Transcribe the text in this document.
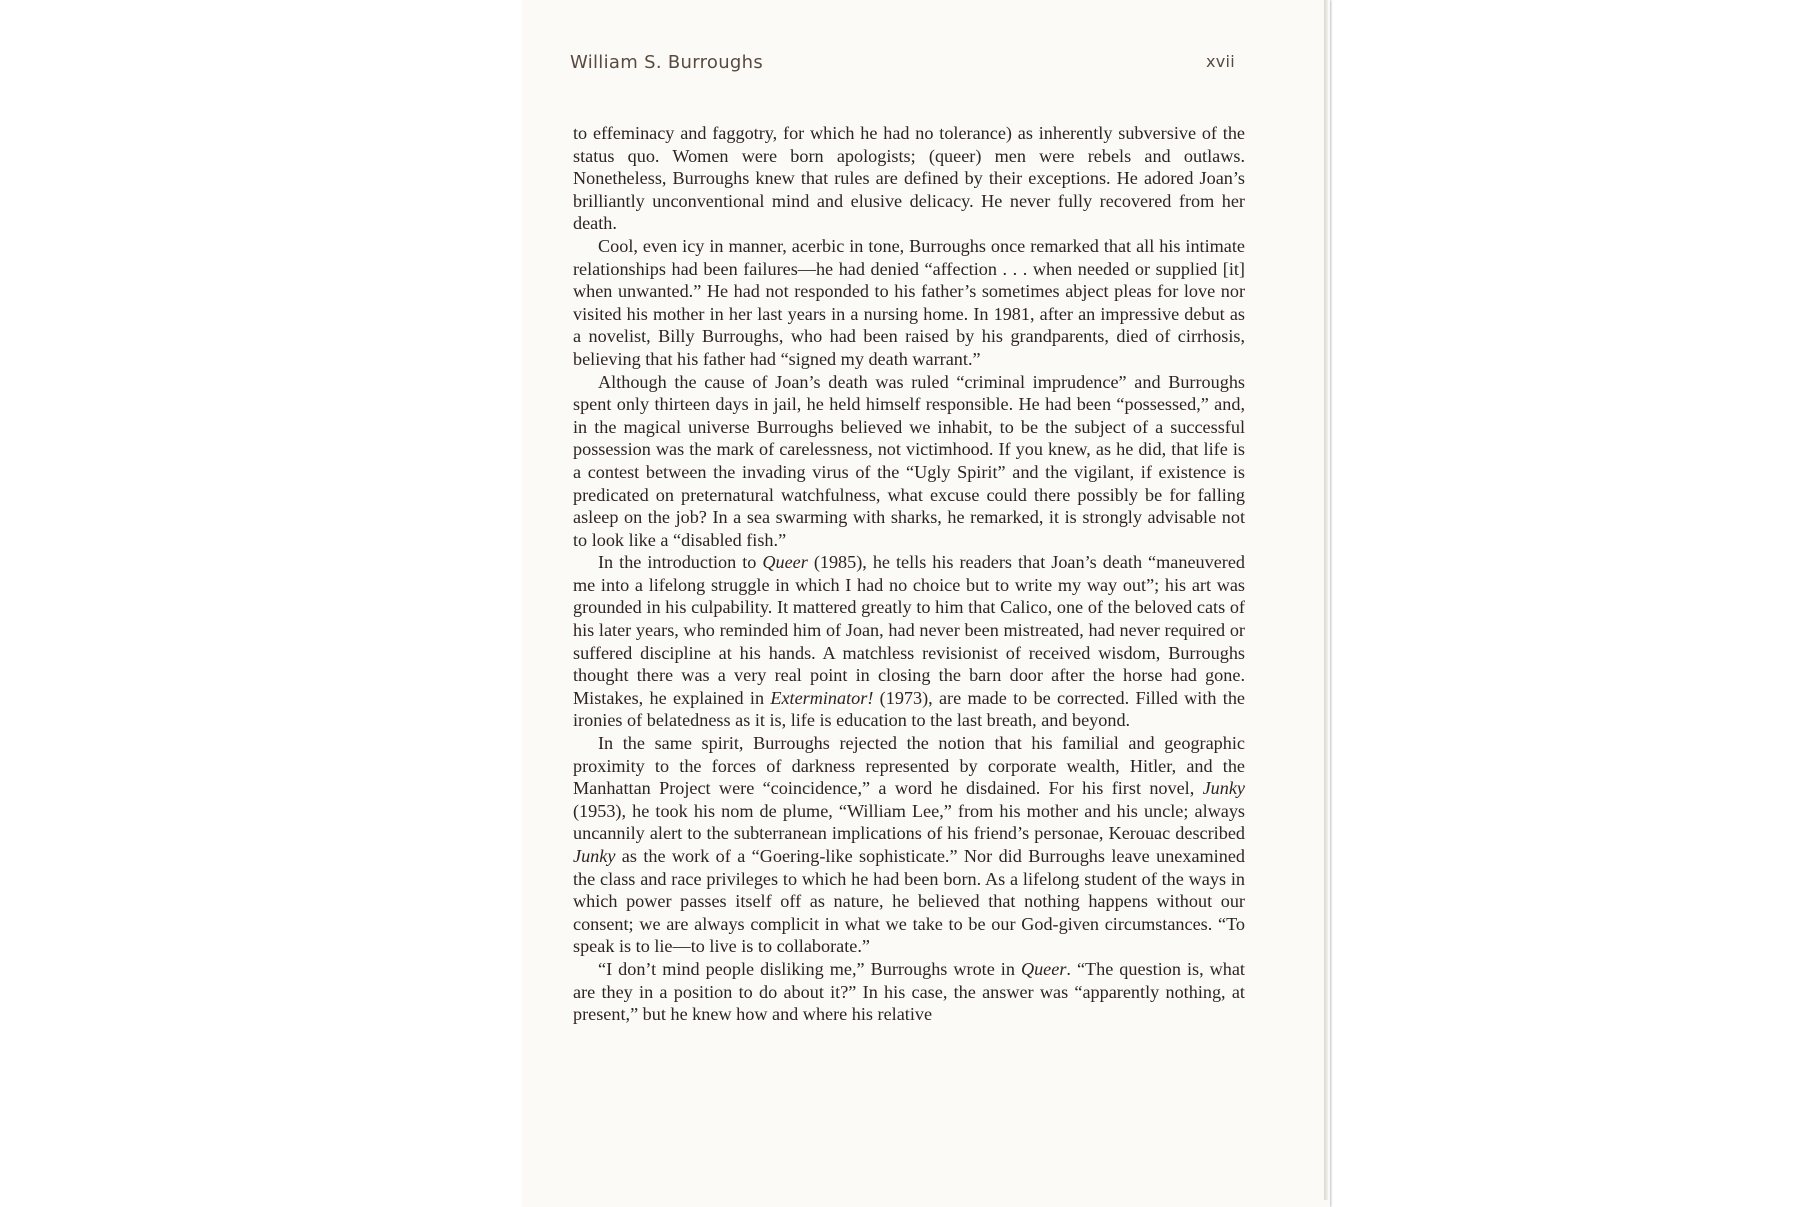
William S. Burroughs	xvii

to effeminacy and faggotry, for which he had no tolerance) as inherently subversive of the status quo. Women were born apologists; (queer) men were rebels and outlaws. Nonetheless, Burroughs knew that rules are defined by their exceptions. He adored Joan’s brilliantly unconventional mind and elusive delicacy. He never fully recovered from her death.

Cool, even icy in manner, acerbic in tone, Burroughs once remarked that all his intimate relationships had been failures—he had denied “affection . . . when needed or supplied [it] when unwanted.” He had not responded to his father’s sometimes abject pleas for love nor visited his mother in her last years in a nursing home. In 1981, after an impressive debut as a novelist, Billy Burroughs, who had been raised by his grandparents, died of cirrhosis, believing that his father had “signed my death warrant.”

Although the cause of Joan’s death was ruled “criminal imprudence” and Burroughs spent only thirteen days in jail, he held himself responsible. He had been “possessed,” and, in the magical universe Burroughs believed we inhabit, to be the subject of a successful possession was the mark of carelessness, not victimhood. If you knew, as he did, that life is a contest between the invading virus of the “Ugly Spirit” and the vigilant, if existence is predicated on preternatural watchfulness, what excuse could there possibly be for falling asleep on the job? In a sea swarming with sharks, he remarked, it is strongly advisable not to look like a “disabled fish.”

In the introduction to Queer (1985), he tells his readers that Joan’s death “maneuvered me into a lifelong struggle in which I had no choice but to write my way out”; his art was grounded in his culpability. It mattered greatly to him that Calico, one of the beloved cats of his later years, who reminded him of Joan, had never been mistreated, had never required or suffered discipline at his hands. A matchless revisionist of received wisdom, Burroughs thought there was a very real point in closing the barn door after the horse had gone. Mistakes, he explained in Exterminator! (1973), are made to be corrected. Filled with the ironies of belatedness as it is, life is education to the last breath, and beyond.

In the same spirit, Burroughs rejected the notion that his familial and geographic proximity to the forces of darkness represented by corporate wealth, Hitler, and the Manhattan Project were “coincidence,” a word he disdained. For his first novel, Junky (1953), he took his nom de plume, “William Lee,” from his mother and his uncle; always uncannily alert to the subterranean implications of his friend’s personae, Kerouac described Junky as the work of a “Goering-like sophisticate.” Nor did Burroughs leave unexamined the class and race privileges to which he had been born. As a lifelong student of the ways in which power passes itself off as nature, he believed that nothing happens without our consent; we are always complicit in what we take to be our God-given circumstances. “To speak is to lie—to live is to collaborate.”

“I don’t mind people disliking me,” Burroughs wrote in Queer. “The question is, what are they in a position to do about it?” In his case, the answer was “apparently nothing, at present,” but he knew how and where his relative
